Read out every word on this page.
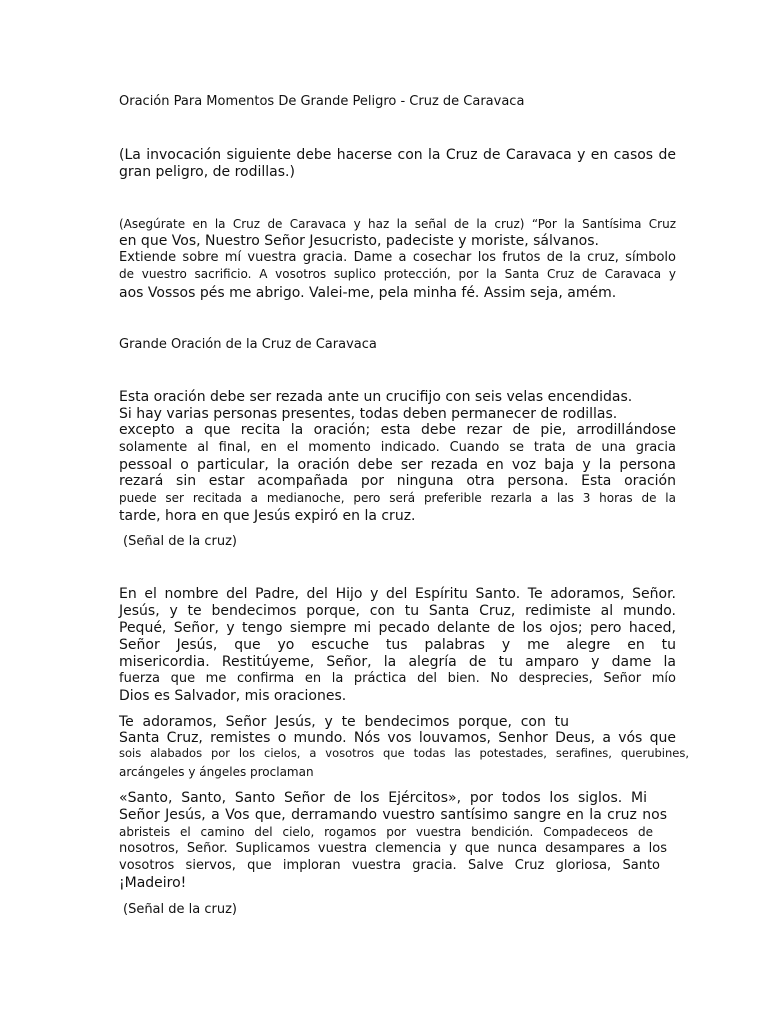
Oración Para Momentos De Grande Peligro - Cruz de Caravaca
(La invocación siguiente debe hacerse con la Cruz de Caravaca y en casos de
gran peligro, de rodillas.)
(Asegúrate en la Cruz de Caravaca y haz la señal de la cruz) “Por la Santísima Cruz
en que Vos, Nuestro Señor Jesucristo, padeciste y moriste, sálvanos.
Extiende sobre mí vuestra gracia. Dame a cosechar los frutos de la cruz, símbolo
de vuestro sacrificio. A vosotros suplico protección, por la Santa Cruz de Caravaca y
aos Vossos pés me abrigo. Valei-me, pela minha fé. Assim seja, amém.
Grande Oración de la Cruz de Caravaca
Esta oración debe ser rezada ante un crucifijo con seis velas encendidas.
Si hay varias personas presentes, todas deben permanecer de rodillas.
excepto a que recita la oración; esta debe rezar de pie, arrodillándose
solamente al final, en el momento indicado. Cuando se trata de una gracia
pessoal o particular, la oración debe ser rezada en voz baja y la persona
rezará sin estar acompañada por ninguna otra persona. Esta oración
puede ser recitada a medianoche, pero será preferible rezarla a las 3 horas de la
tarde, hora en que Jesús expiró en la cruz.
(Señal de la cruz)
En el nombre del Padre, del Hijo y del Espíritu Santo. Te adoramos, Señor.
Jesús, y te bendecimos porque, con tu Santa Cruz, redimiste al mundo.
Pequé, Señor, y tengo siempre mi pecado delante de los ojos; pero haced,
Señor Jesús, que yo escuche tus palabras y me alegre en tu
misericordia. Restitúyeme, Señor, la alegría de tu amparo y dame la
fuerza que me confirma en la práctica del bien. No desprecies, Señor mío
Dios es Salvador, mis oraciones.
Te adoramos, Señor Jesús, y te bendecimos porque, con tu
Santa Cruz, remistes o mundo. Nós vos louvamos, Senhor Deus, a vós que
sois alabados por los cielos, a vosotros que todas las potestades, serafines, querubines,
arcángeles y ángeles proclaman
«Santo, Santo, Santo Señor de los Ejércitos», por todos los siglos. Mi
Señor Jesús, a Vos que, derramando vuestro santísimo sangre en la cruz nos
abristeis el camino del cielo, rogamos por vuestra bendición. Compadeceos de
nosotros, Señor. Suplicamos vuestra clemencia y que nunca desampares a los
vosotros siervos, que imploran vuestra gracia. Salve Cruz gloriosa, Santo
¡Madeiro!
(Señal de la cruz)
